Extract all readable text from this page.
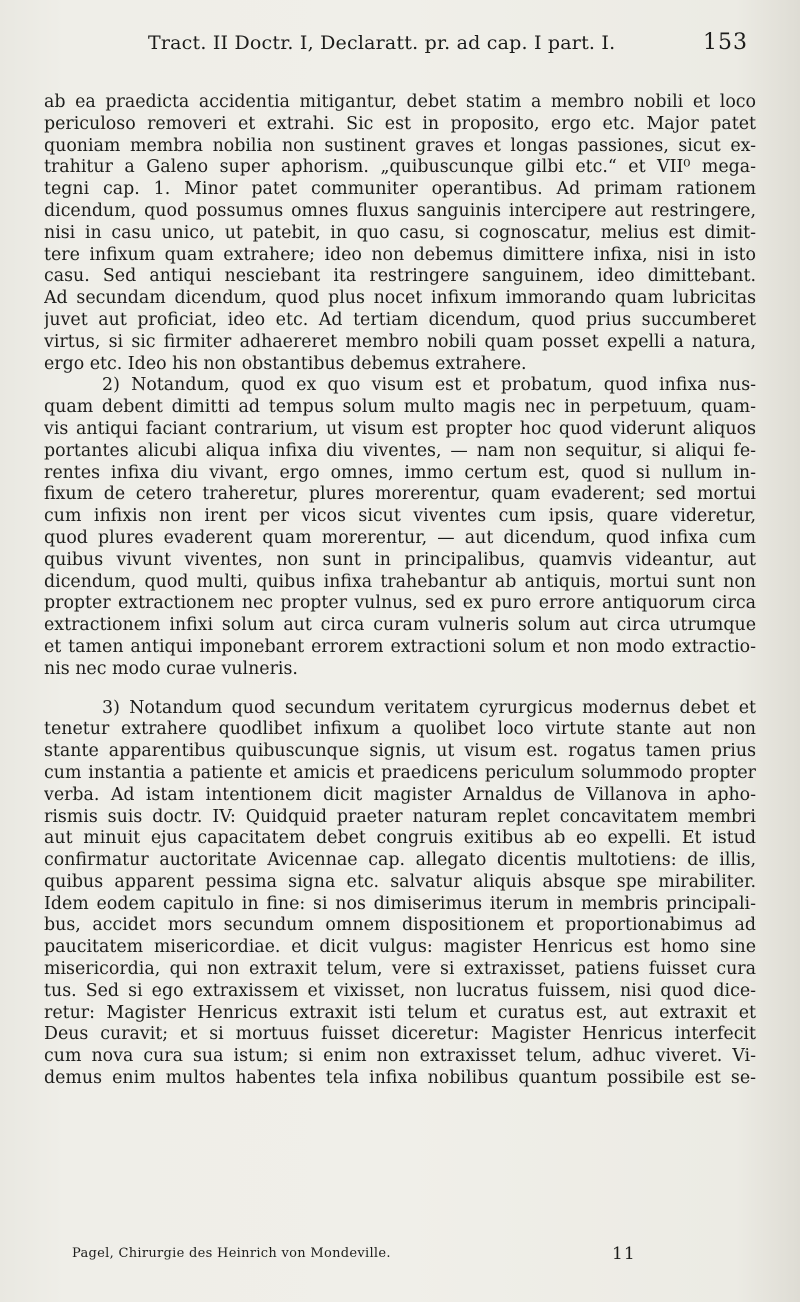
Tract. II Doctr. I, Declaratt. pr. ad cap. I part. I.	153
ab ea praedicta accidentia mitigantur, debet statim a membro nobili et loco
periculoso removeri et extrahi. Sic est in proposito, ergo etc. Major patet
quoniam membra nobilia non sustinent graves et longas passiones, sicut ex-
trahitur a Galeno super aphorism. „quibuscunque gilbi etc.“ et VII⁰ mega-
tegni cap. 1. Minor patet communiter operantibus. Ad primam rationem
dicendum, quod possumus omnes fluxus sanguinis intercipere aut restringere,
nisi in casu unico, ut patebit, in quo casu, si cognoscatur, melius est dimit-
tere infixum quam extrahere; ideo non debemus dimittere infixa, nisi in isto
casu. Sed antiqui nesciebant ita restringere sanguinem, ideo dimittebant.
Ad secundam dicendum, quod plus nocet infixum immorando quam lubricitas
juvet aut proficiat, ideo etc. Ad tertiam dicendum, quod prius succumberet
virtus, si sic firmiter adhaereret membro nobili quam posset expelli a natura,
ergo etc. Ideo his non obstantibus debemus extrahere.
2) Notandum, quod ex quo visum est et probatum, quod infixa nus-
quam debent dimitti ad tempus solum multo magis nec in perpetuum, quam-
vis antiqui faciant contrarium, ut visum est propter hoc quod viderunt aliquos
portantes alicubi aliqua infixa diu viventes, — nam non sequitur, si aliqui fe-
rentes infixa diu vivant, ergo omnes, immo certum est, quod si nullum in-
fixum de cetero traheretur, plures morerentur, quam evaderent; sed mortui
cum infixis non irent per vicos sicut viventes cum ipsis, quare videretur,
quod plures evaderent quam morerentur, — aut dicendum, quod infixa cum
quibus vivunt viventes, non sunt in principalibus, quamvis videantur, aut
dicendum, quod multi, quibus infixa trahebantur ab antiquis, mortui sunt non
propter extractionem nec propter vulnus, sed ex puro errore antiquorum circa
extractionem infixi solum aut circa curam vulneris solum aut circa utrumque
et tamen antiqui imponebant errorem extractioni solum et non modo extractio-
nis nec modo curae vulneris.
3) Notandum quod secundum veritatem cyrurgicus modernus debet et
tenetur extrahere quodlibet infixum a quolibet loco virtute stante aut non
stante apparentibus quibuscunque signis, ut visum est. rogatus tamen prius
cum instantia a patiente et amicis et praedicens periculum solummodo propter
verba. Ad istam intentionem dicit magister Arnaldus de Villanova in apho-
rismis suis doctr. IV: Quidquid praeter naturam replet concavitatem membri
aut minuit ejus capacitatem debet congruis exitibus ab eo expelli. Et istud
confirmatur auctoritate Avicennae cap. allegato dicentis multotiens: de illis,
quibus apparent pessima signa etc. salvatur aliquis absque spe mirabiliter.
Idem eodem capitulo in fine: si nos dimiserimus iterum in membris principali-
bus, accidet mors secundum omnem dispositionem et proportionabimus ad
paucitatem misericordiae. et dicit vulgus: magister Henricus est homo sine
misericordia, qui non extraxit telum, vere si extraxisset, patiens fuisset cura
tus. Sed si ego extraxissem et vixisset, non lucratus fuissem, nisi quod dice-
retur: Magister Henricus extraxit isti telum et curatus est, aut extraxit et
Deus curavit; et si mortuus fuisset diceretur: Magister Henricus interfecit
cum nova cura sua istum; si enim non extraxisset telum, adhuc viveret. Vi-
demus enim multos habentes tela infixa nobilibus quantum possibile est se-
Pagel, Chirurgie des Heinrich von Mondeville.	11
